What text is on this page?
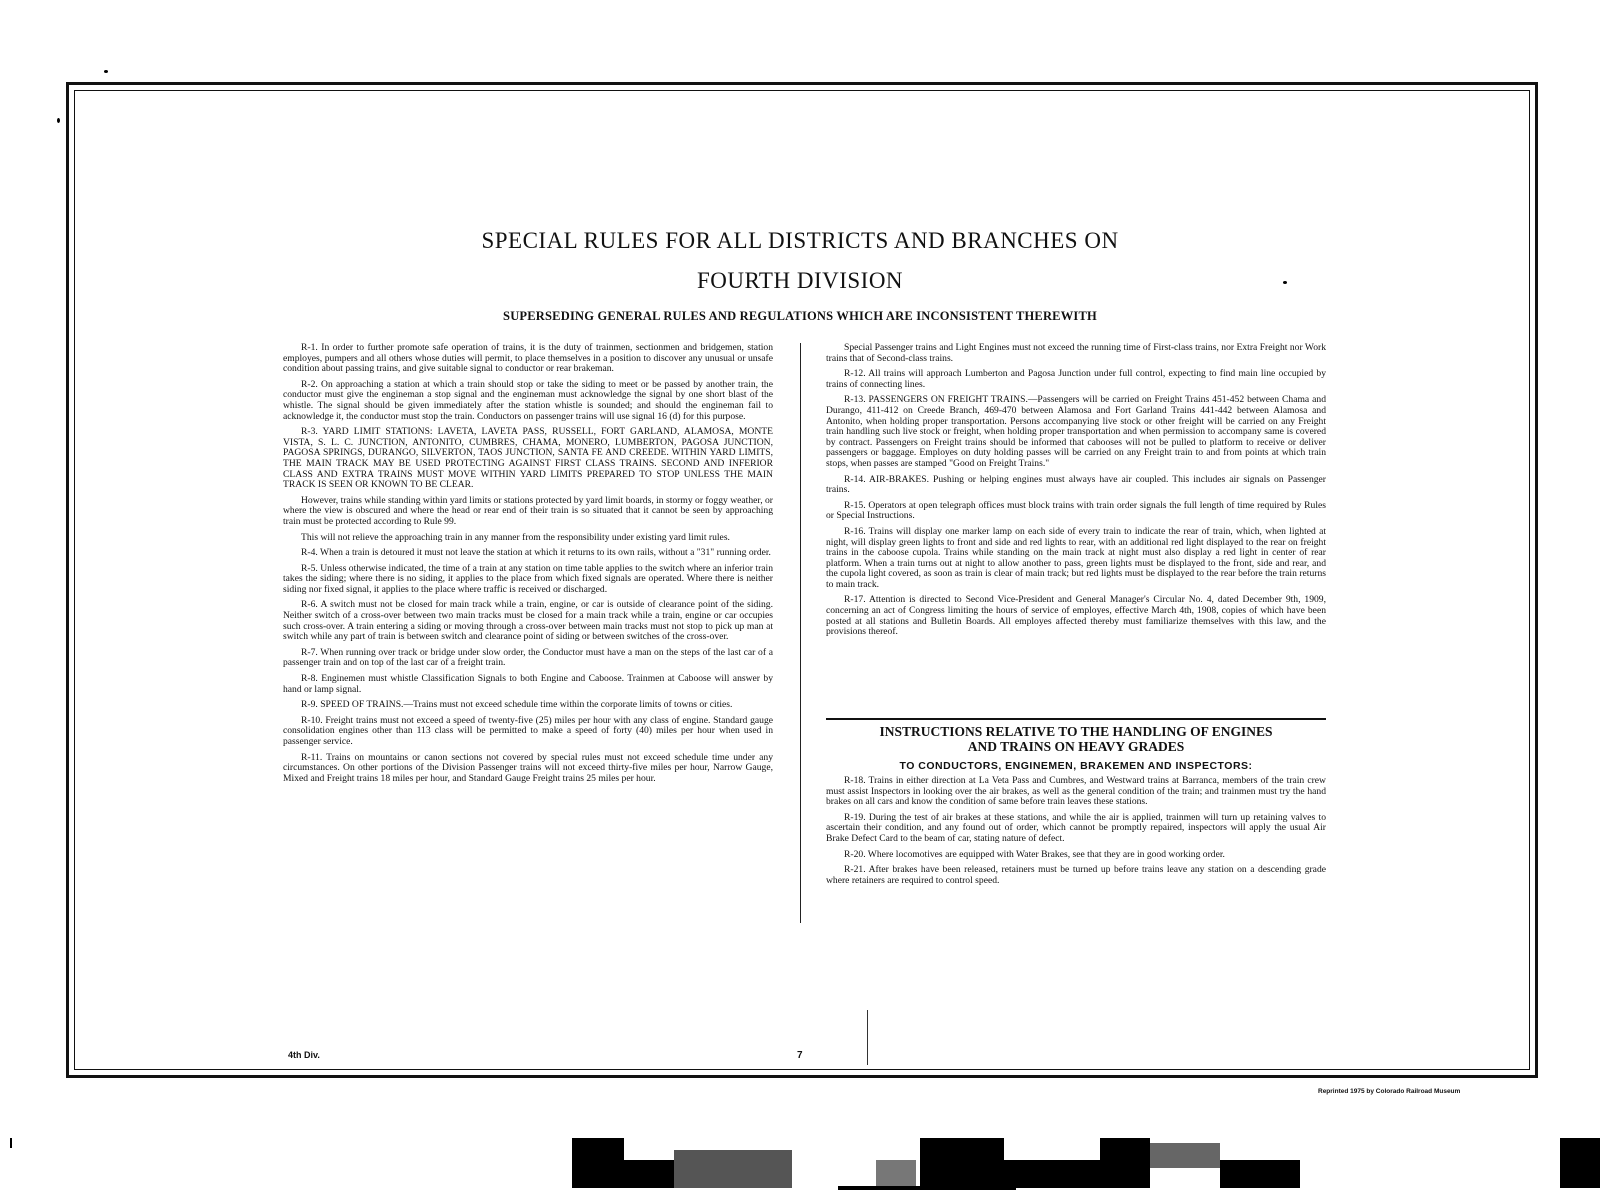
SPECIAL RULES FOR ALL DISTRICTS AND BRANCHES ON
FOURTH DIVISION
SUPERSEDING GENERAL RULES AND REGULATIONS WHICH ARE INCONSISTENT THEREWITH

R-1. In order to further promote safe operation of trains, it is the duty of trainmen, sectionmen and bridgemen, station employes, pumpers and all others whose duties will permit, to place themselves in a position to discover any unusual or unsafe condition about passing trains, and give suitable signal to conductor or rear brakeman.

R-2. On approaching a station at which a train should stop or take the siding to meet or be passed by another train, the conductor must give the engineman a stop signal and the engineman must acknowledge the signal by one short blast of the whistle. The signal should be given immediately after the station whistle is sounded; and should the engineman fail to acknowledge it, the conductor must stop the train. Conductors on passenger trains will use signal 16 (d) for this purpose.

R-3. YARD LIMIT STATIONS: LAVETA, LAVETA PASS, RUSSELL, FORT GARLAND, ALAMOSA, MONTE VISTA, S. L. C. JUNCTION, ANTONITO, CUMBRES, CHAMA, MONERO, LUMBERTON, PAGOSA JUNCTION, PAGOSA SPRINGS, DURANGO, SILVERTON, TAOS JUNCTION, SANTA FE AND CREEDE. WITHIN YARD LIMITS, THE MAIN TRACK MAY BE USED PROTECTING AGAINST FIRST CLASS TRAINS. SECOND AND INFERIOR CLASS AND EXTRA TRAINS MUST MOVE WITHIN YARD LIMITS PREPARED TO STOP UNLESS THE MAIN TRACK IS SEEN OR KNOWN TO BE CLEAR.

However, trains while standing within yard limits or stations protected by yard limit boards, in stormy or foggy weather, or where the view is obscured and where the head or rear end of their train is so situated that it cannot be seen by approaching train must be protected according to Rule 99.

This will not relieve the approaching train in any manner from the responsibility under existing yard limit rules.

R-4. When a train is detoured it must not leave the station at which it returns to its own rails, without a "31" running order.

R-5. Unless otherwise indicated, the time of a train at any station on time table applies to the switch where an inferior train takes the siding; where there is no siding, it applies to the place from which fixed signals are operated. Where there is neither siding nor fixed signal, it applies to the place where traffic is received or discharged.

R-6. A switch must not be closed for main track while a train, engine, or car is outside of clearance point of the siding. Neither switch of a cross-over between two main tracks must be closed for a main track while a train, engine or car occupies such cross-over. A train entering a siding or moving through a cross-over between main tracks must not stop to pick up man at switch while any part of train is between switch and clearance point of siding or between switches of the cross-over.

R-7. When running over track or bridge under slow order, the Conductor must have a man on the steps of the last car of a passenger train and on top of the last car of a freight train.

R-8. Enginemen must whistle Classification Signals to both Engine and Caboose. Trainmen at Caboose will answer by hand or lamp signal.

R-9. SPEED OF TRAINS.—Trains must not exceed schedule time within the corporate limits of towns or cities.

R-10. Freight trains must not exceed a speed of twenty-five (25) miles per hour with any class of engine. Standard gauge consolidation engines other than 113 class will be permitted to make a speed of forty (40) miles per hour when used in passenger service.

R-11. Trains on mountains or canon sections not covered by special rules must not exceed schedule time under any circumstances. On other portions of the Division Passenger trains will not exceed thirty-five miles per hour, Narrow Gauge, Mixed and Freight trains 18 miles per hour, and Standard Gauge Freight trains 25 miles per hour.

Special Passenger trains and Light Engines must not exceed the running time of First-class trains, nor Extra Freight nor Work trains that of Second-class trains.

R-12. All trains will approach Lumberton and Pagosa Junction under full control, expecting to find main line occupied by trains of connecting lines.

R-13. PASSENGERS ON FREIGHT TRAINS.—Passengers will be carried on Freight Trains 451-452 between Chama and Durango, 411-412 on Creede Branch, 469-470 between Alamosa and Fort Garland Trains 441-442 between Alamosa and Antonito, when holding proper transportation. Persons accompanying live stock or other freight will be carried on any Freight train handling such live stock or freight, when holding proper transportation and when permission to accompany same is covered by contract. Passengers on Freight trains should be informed that cabooses will not be pulled to platform to receive or deliver passengers or baggage. Employes on duty holding passes will be carried on any Freight train to and from points at which train stops, when passes are stamped "Good on Freight Trains."

R-14. AIR-BRAKES. Pushing or helping engines must always have air coupled. This includes air signals on Passenger trains.

R-15. Operators at open telegraph offices must block trains with train order signals the full length of time required by Rules or Special Instructions.

R-16. Trains will display one marker lamp on each side of every train to indicate the rear of train, which, when lighted at night, will display green lights to front and side and red lights to rear, with an additional red light displayed to the rear on freight trains in the caboose cupola. Trains while standing on the main track at night must also display a red light in center of rear platform. When a train turns out at night to allow another to pass, green lights must be displayed to the front, side and rear, and the cupola light covered, as soon as train is clear of main track; but red lights must be displayed to the rear before the train returns to main track.

R-17. Attention is directed to Second Vice-President and General Manager's Circular No. 4, dated December 9th, 1909, concerning an act of Congress limiting the hours of service of employes, effective March 4th, 1908, copies of which have been posted at all stations and Bulletin Boards. All employes affected thereby must familiarize themselves with this law, and the provisions thereof.

INSTRUCTIONS RELATIVE TO THE HANDLING OF ENGINES
AND TRAINS ON HEAVY GRADES
TO CONDUCTORS, ENGINEMEN, BRAKEMEN AND INSPECTORS:

R-18. Trains in either direction at La Veta Pass and Cumbres, and Westward trains at Barranca, members of the train crew must assist Inspectors in looking over the air brakes, as well as the general condition of the train; and trainmen must try the hand brakes on all cars and know the condition of same before train leaves these stations.

R-19. During the test of air brakes at these stations, and while the air is applied, trainmen will turn up retaining valves to ascertain their condition, and any found out of order, which cannot be promptly repaired, inspectors will apply the usual Air Brake Defect Card to the beam of car, stating nature of defect.

R-20. Where locomotives are equipped with Water Brakes, see that they are in good working order.

R-21. After brakes have been released, retainers must be turned up before trains leave any station on a descending grade where retainers are required to control speed.

4th Div.	7
Reprinted 1975 by Colorado Railroad Museum
